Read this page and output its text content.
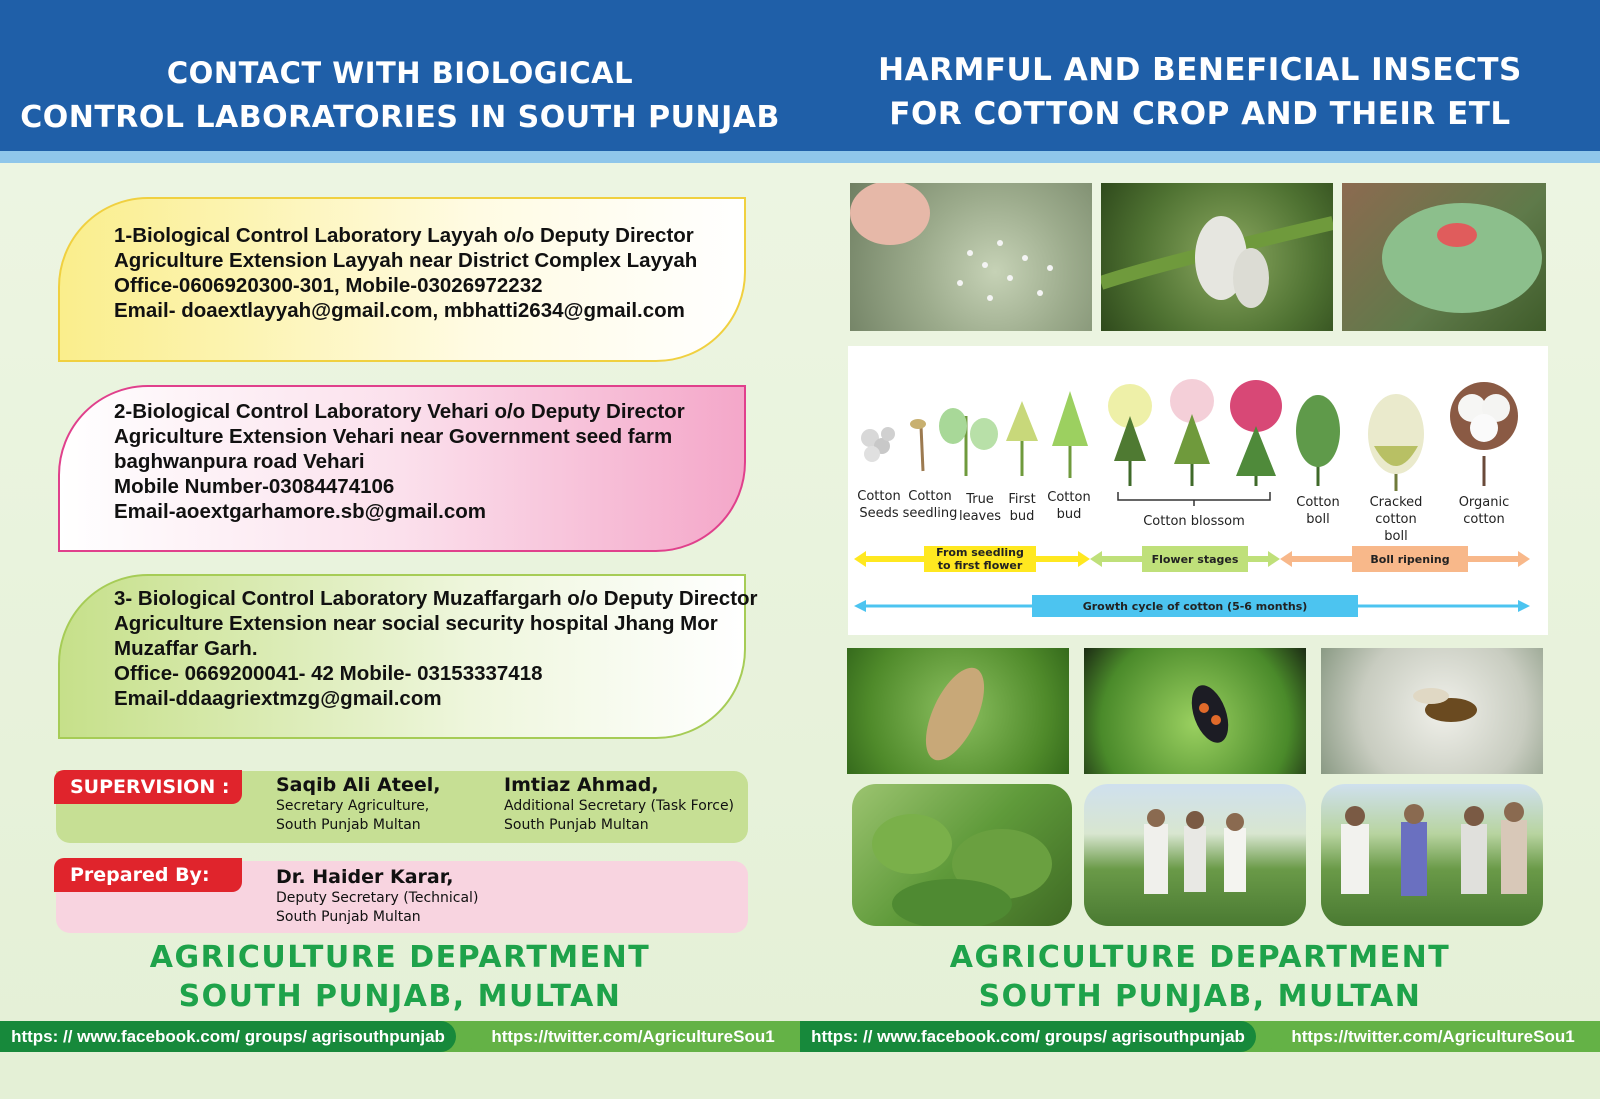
CONTACT WITH BIOLOGICAL
CONTROL LABORATORIES IN SOUTH PUNJAB
1-Biological Control Laboratory Layyah o/o Deputy Director
Agriculture Extension Layyah near District Complex Layyah
Office-0606920300-301, Mobile-03026972232
Email- doaextlayyah@gmail.com, mbhatti2634@gmail.com
2-Biological Control Laboratory Vehari o/o Deputy Director
Agriculture Extension Vehari near Government seed farm
baghwanpura road Vehari
Mobile Number-03084474106
Email-aoextgarhamore.sb@gmail.com
3- Biological Control Laboratory Muzaffargarh o/o Deputy Director
Agriculture Extension near social security hospital Jhang Mor
Muzaffar Garh.
Office- 0669200041- 42 Mobile- 03153337418
Email-ddaagriextmzg@gmail.com
SUPERVISION :	Saqib Ali Ateel,
Secretary Agriculture,
South Punjab Multan
Imtiaz Ahmad,
Additional Secretary (Task Force)
South Punjab Multan
Prepared By:	Dr. Haider Karar,
Deputy Secretary (Technical)
South Punjab Multan
AGRICULTURE DEPARTMENT
SOUTH PUNJAB, MULTAN
https: // www.facebook.com/ groups/ agrisouthpunjab	https://twitter.com/AgricultureSou1
HARMFUL AND BENEFICIAL INSECTS
FOR COTTON CROP AND THEIR ETL
AGRICULTURE DEPARTMENT
SOUTH PUNJAB, MULTAN
https: // www.facebook.com/ groups/ agrisouthpunjab	https://twitter.com/AgricultureSou1
Cotton
Seeds
Cotton
seedling
True
leaves
First
bud
Cotton
bud	Cotton blossom
Cotton
boll
Cracked
cotton
boll
Organic
cotton
From seedling
to first flower	Flower stages	Boll ripening
Growth cycle of cotton (5-6 months)
